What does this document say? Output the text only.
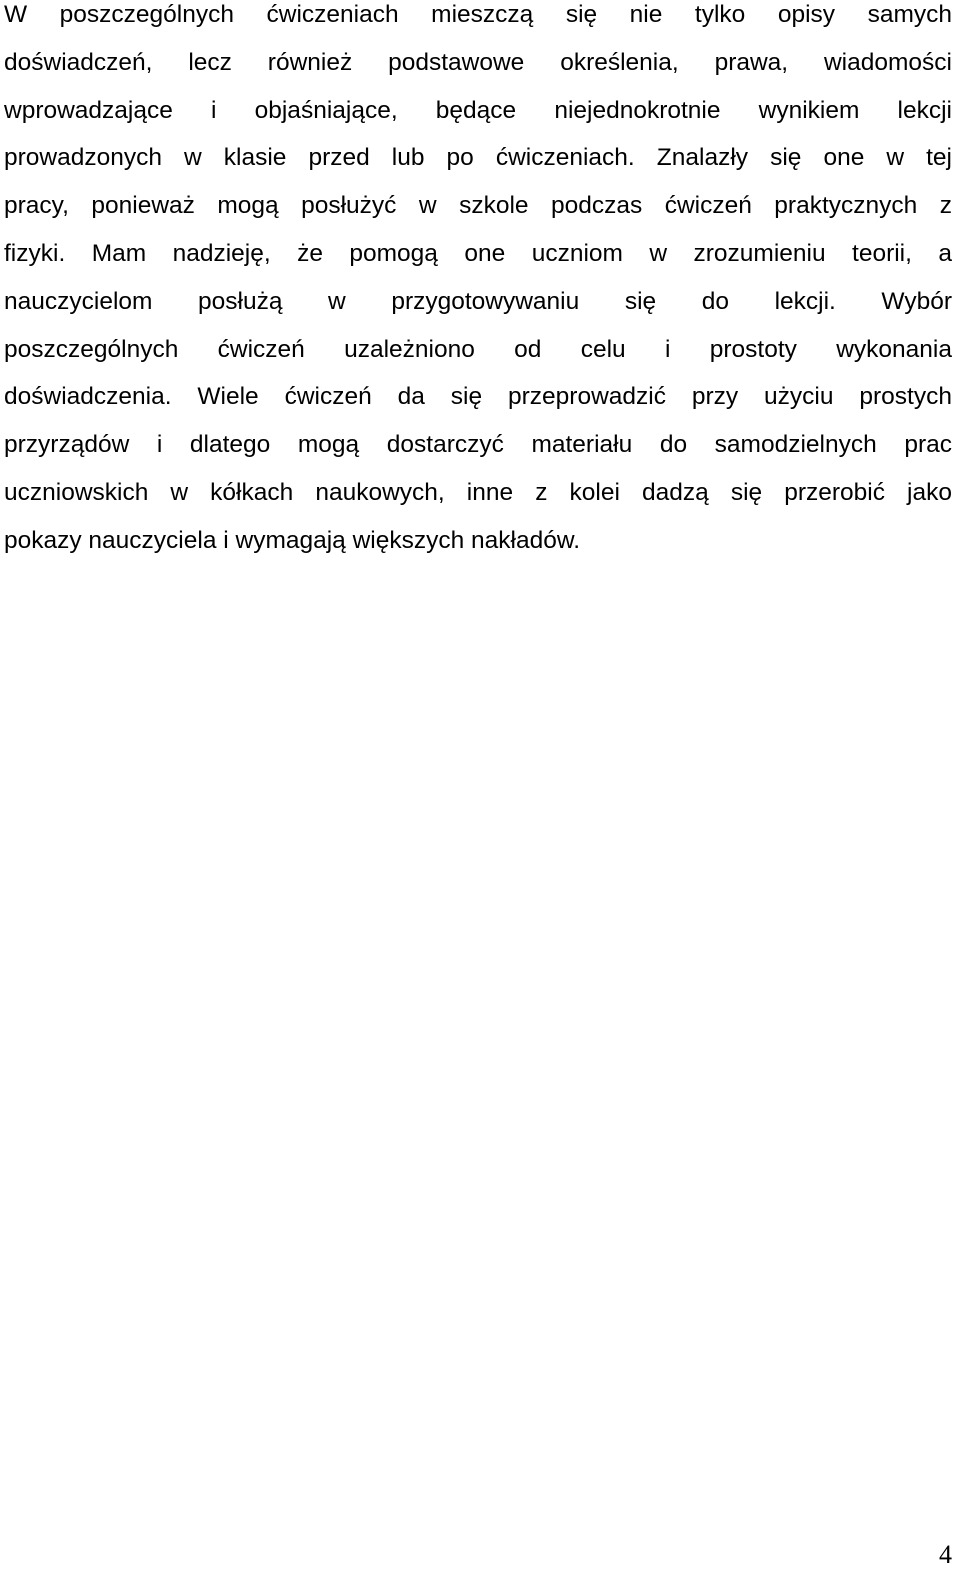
W poszczególnych ćwiczeniach mieszczą się nie tylko opisy samych
doświadczeń, lecz również podstawowe określenia, prawa, wiadomości
wprowadzające i objaśniające, będące niejednokrotnie wynikiem lekcji
prowadzonych w klasie przed lub po ćwiczeniach. Znalazły się one w tej
pracy, ponieważ mogą posłużyć w szkole podczas ćwiczeń praktycznych z
fizyki. Mam nadzieję, że pomogą one uczniom w zrozumieniu teorii, a
nauczycielom posłużą w przygotowywaniu się do lekcji. Wybór
poszczególnych ćwiczeń uzależniono od celu i prostoty wykonania
doświadczenia. Wiele ćwiczeń da się przeprowadzić przy użyciu prostych
przyrządów i dlatego mogą dostarczyć materiału do samodzielnych prac
uczniowskich w kółkach naukowych, inne z kolei dadzą się przerobić jako
pokazy nauczyciela i wymagają większych nakładów.
4
